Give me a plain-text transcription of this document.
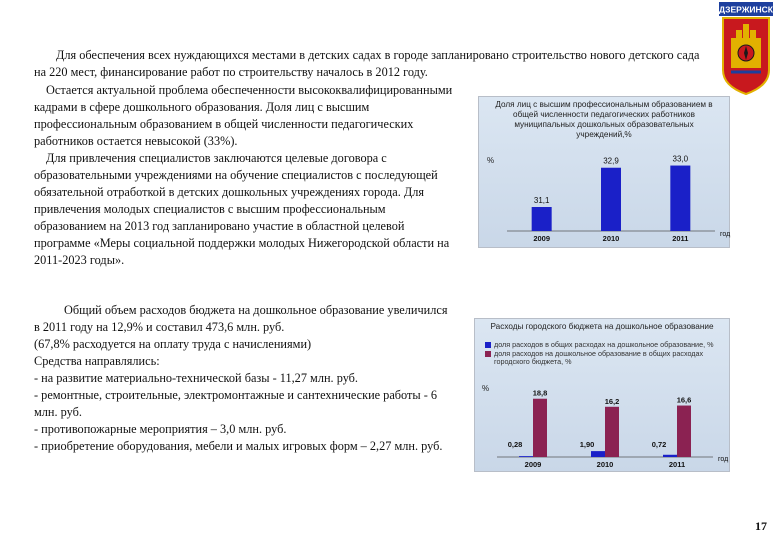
ДЗЕРЖИНСК

Для обеспечения всех нуждающихся местами в детских садах в городе запланировано строительство нового детского сада на 220 мест, финансирование работ по строительству началось в 2012 году.

Остается актуальной проблема обеспеченности высококвалифицированными кадрами в сфере дошкольного образования. Доля лиц с высшим профессиональным образованием в общей численности педагогических работников остается невысокой (33%).

Для привлечения специалистов заключаются целевые договора с образовательными учреждениями на обучение специалистов с последующей обязательной отработкой в детских дошкольных учреждениях города. Для привлечения молодых специалистов с высшим профессиональным образованием на 2013 год запланировано участие в областной целевой программе «Меры социальной поддержки молодых Нижегородской области на 2011-2023 годы».

Общий объем расходов бюджета на дошкольное образование увеличился в 2011 году на 12,9% и составил 473,6 млн. руб.

(67,8% расходуется на оплату труда с начислениями)

Средства направлялись:

- на развитие материально-технической базы - 11,27 млн. руб.

- ремонтные, строительные, электромонтажные и сантехнические работы - 6 млн. руб.

- противопожарные мероприятия – 3,0 млн. руб.

- приобретение оборудования, мебели и малых игровых форм – 2,27 млн. руб.

Доля лиц с высшим профессиональным образованием в общей численности педагогических работников муниципальных дошкольных образовательных учреждений,%
%
31,1
2009
32,9
2010
33,0
2011	год
Расходы городского бюджета на дошкольное образование
доля расходов в общих расходах на дошкольное образование, %
доля расходов на дошкольное образование в общих расходах городского бюджета, %
%
0,28
18,8
2009
1,90
16,2
2010
0,72
16,6
2011
год
17
